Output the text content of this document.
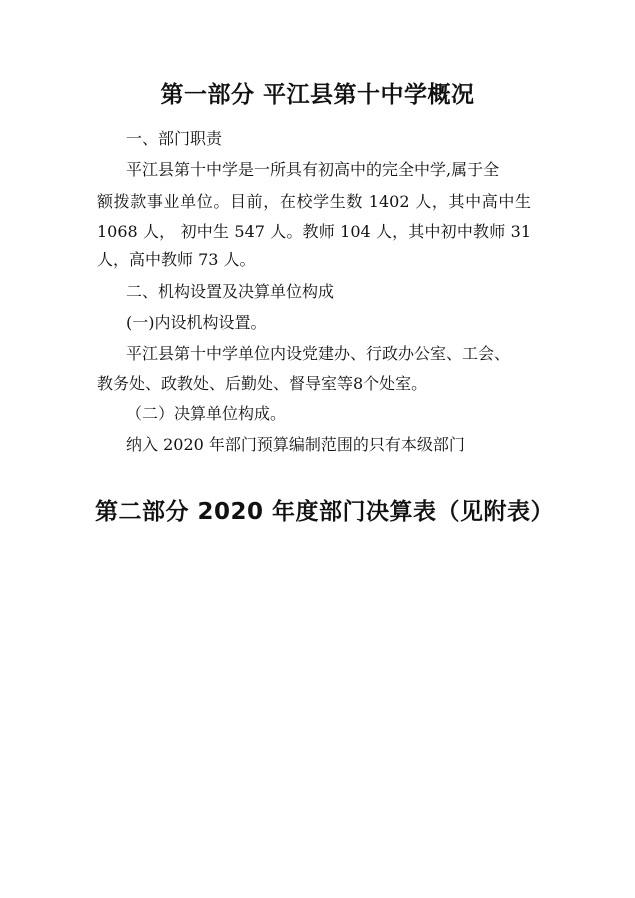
第一部分 平江县第十中学概况
一、部门职责
平江县第十中学是一所具有初高中的完全中学,属于全
额拨款事业单位。目前，在校学生数 1402 人，其中高中生
1068 人， 初中生 547 人。教师 104 人，其中初中教师 31
人，高中教师 73 人。
二、机构设置及决算单位构成
(一)内设机构设置。
平江县第十中学单位内设党建办、行政办公室、工会、
教务处、政教处、后勤处、督导室等8个处室。
（二）决算单位构成。
纳入 2020 年部门预算编制范围的只有本级部门
第二部分 2020 年度部门决算表（见附表）
